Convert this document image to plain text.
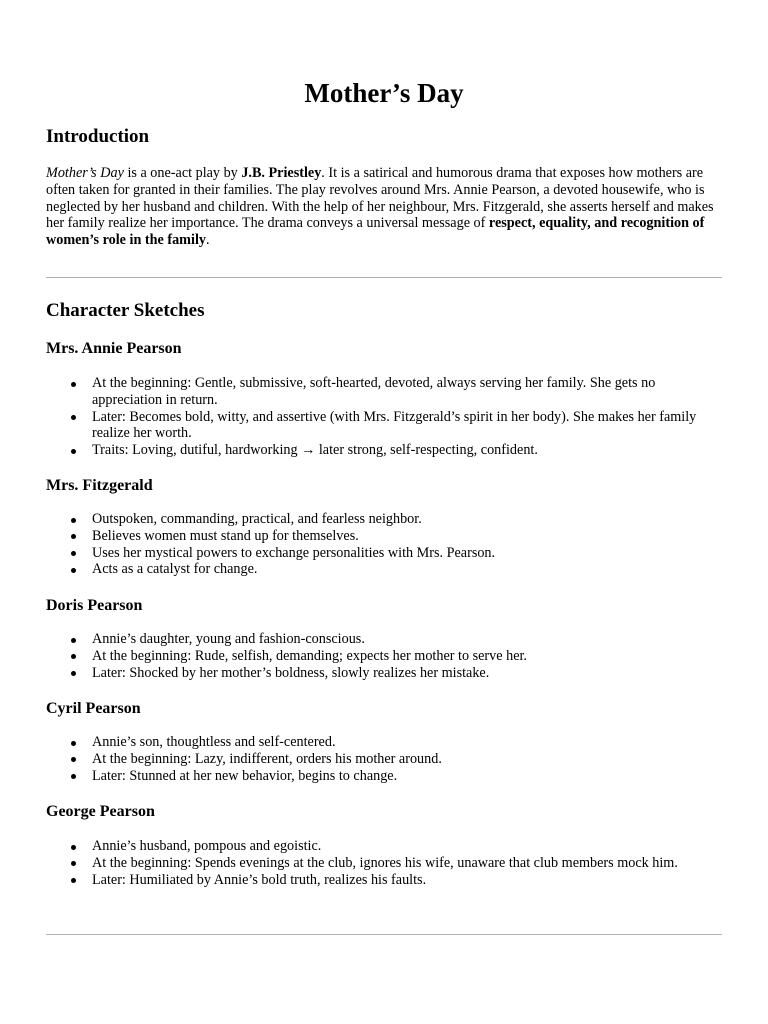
Mother’s Day
Introduction

Mother’s Day is a one-act play by J.B. Priestley. It is a satirical and humorous drama that exposes how mothers are often taken for granted in their families. The play revolves around Mrs. Annie Pearson, a devoted housewife, who is neglected by her husband and children. With the help of her neighbour, Mrs. Fitzgerald, she asserts herself and makes her family realize her importance. The drama conveys a universal message of respect, equality, and recognition of women’s role in the family.

Character Sketches
Mrs. Annie Pearson
At the beginning: Gentle, submissive, soft-hearted, devoted, always serving her family. She gets no appreciation in return.
Later: Becomes bold, witty, and assertive (with Mrs. Fitzgerald’s spirit in her body). She makes her family realize her worth.
Traits: Loving, dutiful, hardworking → later strong, self-respecting, confident.
Mrs. Fitzgerald
Outspoken, commanding, practical, and fearless neighbor.
Believes women must stand up for themselves.
Uses her mystical powers to exchange personalities with Mrs. Pearson.
Acts as a catalyst for change.
Doris Pearson
Annie’s daughter, young and fashion-conscious.
At the beginning: Rude, selfish, demanding; expects her mother to serve her.
Later: Shocked by her mother’s boldness, slowly realizes her mistake.
Cyril Pearson
Annie’s son, thoughtless and self-centered.
At the beginning: Lazy, indifferent, orders his mother around.
Later: Stunned at her new behavior, begins to change.
George Pearson
Annie’s husband, pompous and egoistic.
At the beginning: Spends evenings at the club, ignores his wife, unaware that club members mock him.
Later: Humiliated by Annie’s bold truth, realizes his faults.
